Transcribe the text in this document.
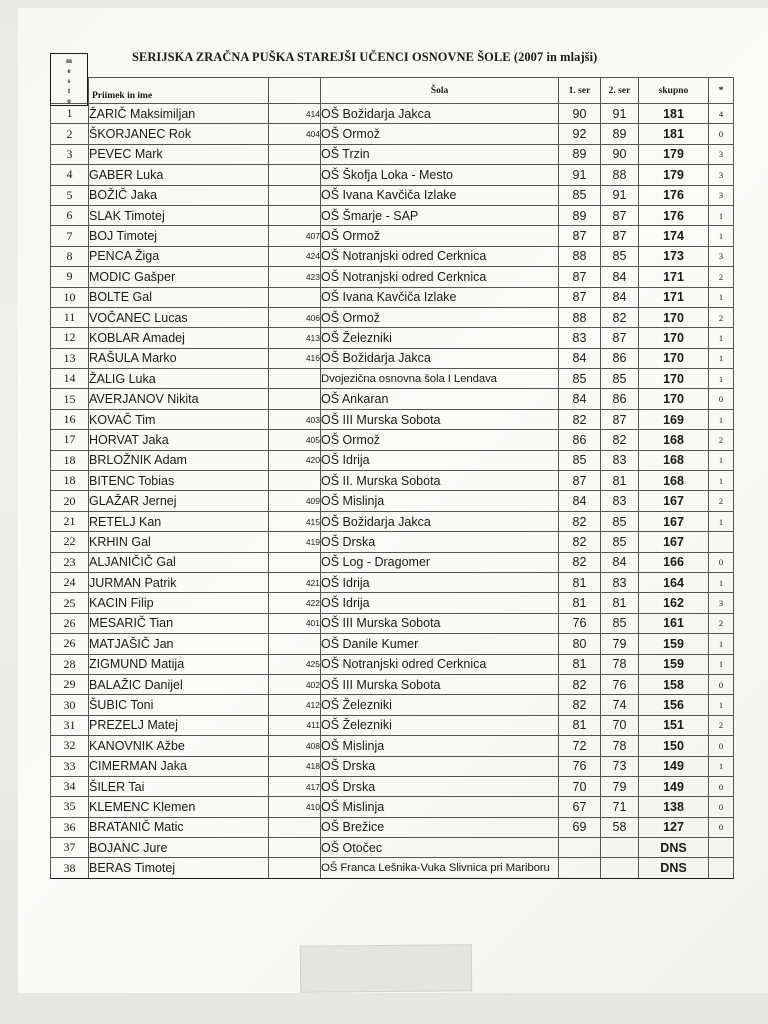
SERIJSKA ZRAČNA PUŠKA STAREJŠI UČENCI OSNOVNE ŠOLE (2007 in mlajši)
	Priimek in ime		Šola	1. ser	2. ser	skupno	*
1	ŽARIČ Maksimiljan	414	OŠ Božidarja Jakca	90	91	181	4
2	ŠKORJANEC Rok	404	OŠ Ormož	92	89	181	0
3	PEVEC Mark		OŠ Trzin	89	90	179	3
4	GABER Luka		OŠ Škofja Loka - Mesto	91	88	179	3
5	BOŽIČ Jaka		OŠ Ivana Kavčiča Izlake	85	91	176	3
6	SLAK Timotej		OŠ Šmarje - SAP	89	87	176	1
7	BOJ Timotej	407	OŠ Ormož	87	87	174	1
8	PENCA Žiga	424	OŠ Notranjski odred Cerknica	88	85	173	3
9	MODIC Gašper	423	OŠ Notranjski odred Cerknica	87	84	171	2
10	BOLTE Gal		OŠ Ivana Kavčiča Izlake	87	84	171	1
11	VOČANEC Lucas	406	OŠ Ormož	88	82	170	2
12	KOBLAR Amadej	413	OŠ Železniki	83	87	170	1
13	RAŠULA Marko	416	OŠ Božidarja Jakca	84	86	170	1
14	ŽALIG Luka		Dvojezična osnovna šola I Lendava	85	85	170	1
15	AVERJANOV Nikita		OŠ Ankaran	84	86	170	0
16	KOVAČ Tim	403	OŠ III Murska Sobota	82	87	169	1
17	HORVAT Jaka	405	OŠ Ormož	86	82	168	2
18	BRLOŽNIK Adam	420	OŠ Idrija	85	83	168	1
18	BITENC Tobias		OŠ II. Murska Sobota	87	81	168	1
20	GLAŽAR Jernej	409	OŠ Mislinja	84	83	167	2
21	RETELJ Kan	415	OŠ Božidarja Jakca	82	85	167	1
22	KRHIN Gal	419	OŠ Drska	82	85	167	
23	ALJANIČIČ Gal		OŠ Log - Dragomer	82	84	166	0
24	JURMAN Patrik	421	OŠ Idrija	81	83	164	1
25	KACIN Filip	422	OŠ Idrija	81	81	162	3
26	MESARIČ Tian	401	OŠ III Murska Sobota	76	85	161	2
26	MATJAŠIČ Jan		OŠ Danile Kumer	80	79	159	1
28	ZIGMUND Matija	425	OŠ Notranjski odred Cerknica	81	78	159	1
29	BALAŽIC Danijel	402	OŠ III Murska Sobota	82	76	158	0
30	ŠUBIC Toni	412	OŠ Železniki	82	74	156	1
31	PREZELJ Matej	411	OŠ Železniki	81	70	151	2
32	KANOVNIK Ažbe	408	OŠ Mislinja	72	78	150	0
33	CIMERMAN Jaka	418	OŠ Drska	76	73	149	1
34	ŠILER Tai	417	OŠ Drska	70	79	149	0
35	KLEMENC Klemen	410	OŠ Mislinja	67	71	138	0
36	BRATANIČ Matic		OŠ Brežice	69	58	127	0
37	BOJANC Jure		OŠ Otočec			DNS	
38	BERAS Timotej		OŠ Franca Lešnika-Vuka Slivnica pri Mariboru			DNS	
m
e
s
t
o
